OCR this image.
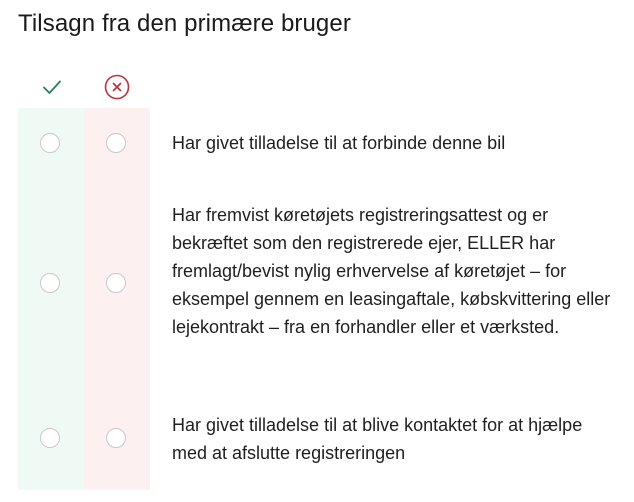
Tilsagn fra den primære bruger
Har givet tilladelse til at forbinde denne bil
Har fremvist køretøjets registreringsattest og er bekræftet som den registrerede ejer, ELLER har fremlagt/bevist nylig erhvervelse af køretøjet – for eksempel gennem en leasingaftale, købskvittering eller lejekontrakt – fra en forhandler eller et værksted.
Har givet tilladelse til at blive kontaktet for at hjælpe med at afslutte registreringen
